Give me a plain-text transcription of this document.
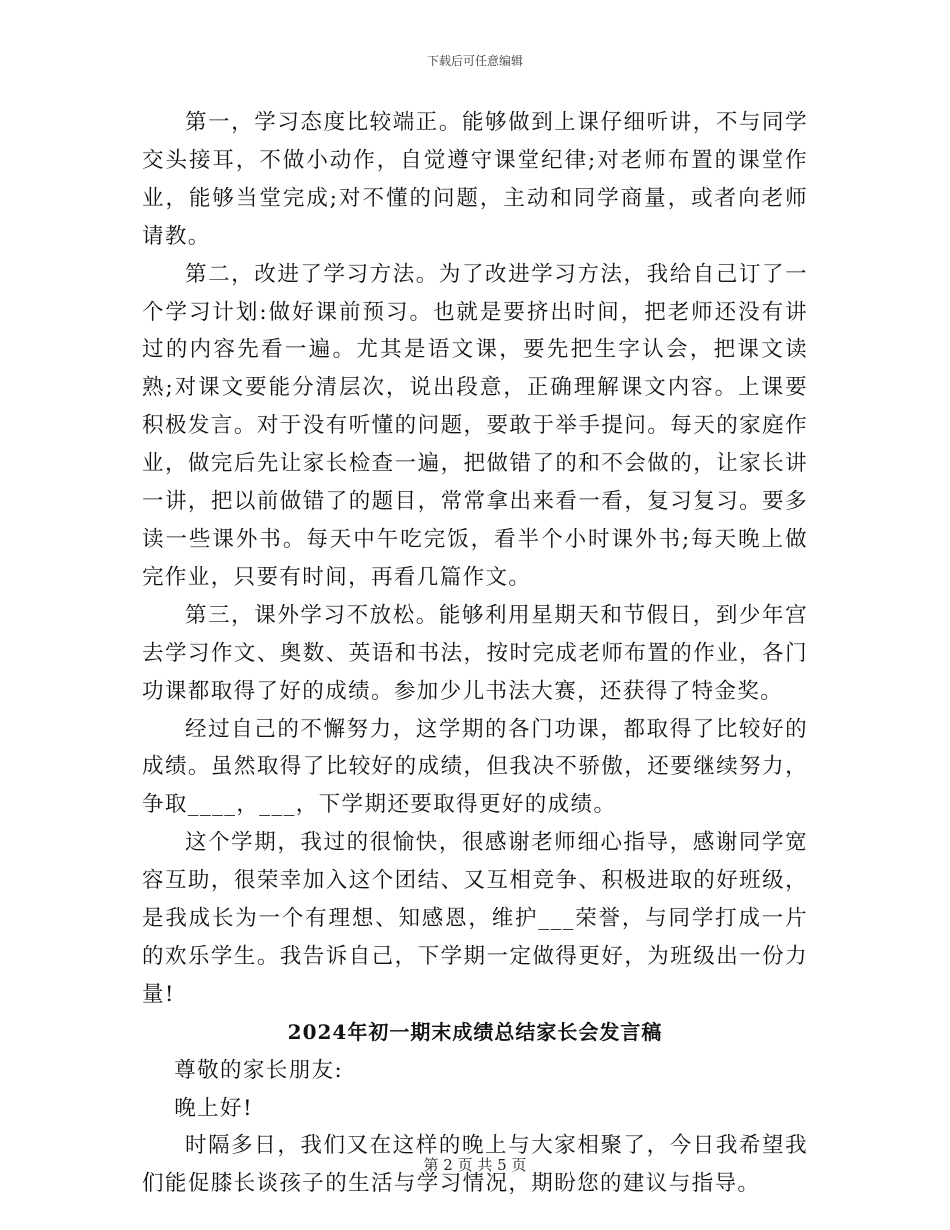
下载后可任意编辑

第一，学习态度比较端正。能够做到上课仔细听讲，不与同学交头接耳，不做小动作，自觉遵守课堂纪律;对老师布置的课堂作业，能够当堂完成;对不懂的问题，主动和同学商量，或者向老师请教。

第二，改进了学习方法。为了改进学习方法，我给自己订了一个学习计划:做好课前预习。也就是要挤出时间，把老师还没有讲过的内容先看一遍。尤其是语文课，要先把生字认会，把课文读熟;对课文要能分清层次，说出段意，正确理解课文内容。上课要积极发言。对于没有听懂的问题，要敢于举手提问。每天的家庭作业，做完后先让家长检查一遍，把做错了的和不会做的，让家长讲一讲，把以前做错了的题目，常常拿出来看一看，复习复习。要多读一些课外书。每天中午吃完饭，看半个小时课外书;每天晚上做完作业，只要有时间，再看几篇作文。

第三，课外学习不放松。能够利用星期天和节假日，到少年宫去学习作文、奥数、英语和书法，按时完成老师布置的作业，各门功课都取得了好的成绩。参加少儿书法大赛，还获得了特金奖。

经过自己的不懈努力，这学期的各门功课，都取得了比较好的成绩。虽然取得了比较好的成绩，但我决不骄傲，还要继续努力，争取____，___，下学期还要取得更好的成绩。

这个学期，我过的很愉快，很感谢老师细心指导，感谢同学宽容互助，很荣幸加入这个团结、又互相竞争、积极进取的好班级，是我成长为一个有理想、知感恩，维护___荣誉，与同学打成一片的欢乐学生。我告诉自己，下学期一定做得更好，为班级出一份力量!

2024年初一期末成绩总结家长会发言稿

尊敬的家长朋友:

晚上好!

时隔多日，我们又在这样的晚上与大家相聚了，今日我希望我们能促膝长谈孩子的生活与学习情况，期盼您的建议与指导。

第 2 页 共 5 页
